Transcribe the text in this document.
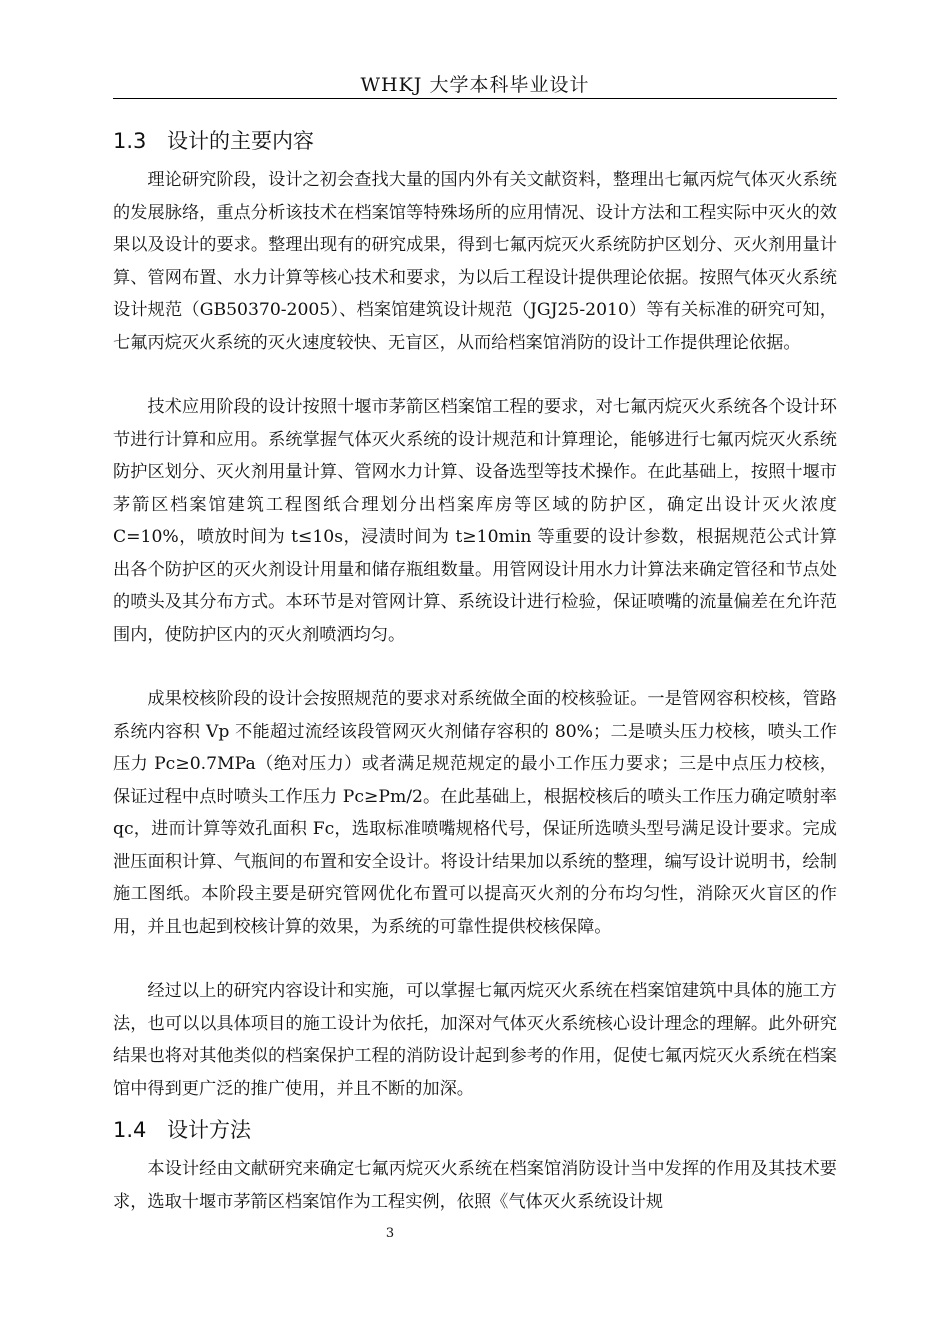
WHKJ 大学本科毕业设计
1.3 设计的主要内容

理论研究阶段，设计之初会查找大量的国内外有关文献资料，整理出七氟丙烷气体灭火系统的发展脉络，重点分析该技术在档案馆等特殊场所的应用情况、设计方法和工程实际中灭火的效果以及设计的要求。整理出现有的研究成果，得到七氟丙烷灭火系统防护区划分、灭火剂用量计算、管网布置、水力计算等核心技术和要求，为以后工程设计提供理论依据。按照气体灭火系统设计规范（GB50370-2005）、档案馆建筑设计规范（JGJ25-2010）等有关标准的研究可知，七氟丙烷灭火系统的灭火速度较快、无盲区，从而给档案馆消防的设计工作提供理论依据。

技术应用阶段的设计按照十堰市茅箭区档案馆工程的要求，对七氟丙烷灭火系统各个设计环节进行计算和应用。系统掌握气体灭火系统的设计规范和计算理论，能够进行七氟丙烷灭火系统防护区划分、灭火剂用量计算、管网水力计算、设备选型等技术操作。在此基础上，按照十堰市茅箭区档案馆建筑工程图纸合理划分出档案库房等区域的防护区，确定出设计灭火浓度 C=10%，喷放时间为 t≤10s，浸渍时间为 t≥10min 等重要的设计参数，根据规范公式计算出各个防护区的灭火剂设计用量和储存瓶组数量。用管网设计用水力计算法来确定管径和节点处的喷头及其分布方式。本环节是对管网计算、系统设计进行检验，保证喷嘴的流量偏差在允许范围内，使防护区内的灭火剂喷洒均匀。

成果校核阶段的设计会按照规范的要求对系统做全面的校核验证。一是管网容积校核，管路系统内容积 Vp 不能超过流经该段管网灭火剂储存容积的 80%；二是喷头压力校核，喷头工作压力 Pc≥0.7MPa（绝对压力）或者满足规范规定的最小工作压力要求；三是中点压力校核，保证过程中点时喷头工作压力 Pc≥Pm/2。在此基础上，根据校核后的喷头工作压力确定喷射率 qc，进而计算等效孔面积 Fc，选取标准喷嘴规格代号，保证所选喷头型号满足设计要求。完成泄压面积计算、气瓶间的布置和安全设计。将设计结果加以系统的整理，编写设计说明书，绘制施工图纸。本阶段主要是研究管网优化布置可以提高灭火剂的分布均匀性，消除灭火盲区的作用，并且也起到校核计算的效果，为系统的可靠性提供校核保障。

经过以上的研究内容设计和实施，可以掌握七氟丙烷灭火系统在档案馆建筑中具体的施工方法，也可以以具体项目的施工设计为依托，加深对气体灭火系统核心设计理念的理解。此外研究结果也将对其他类似的档案保护工程的消防设计起到参考的作用，促使七氟丙烷灭火系统在档案馆中得到更广泛的推广使用，并且不断的加深。

1.4 设计方法

本设计经由文献研究来确定七氟丙烷灭火系统在档案馆消防设计当中发挥的作用及其技术要求，选取十堰市茅箭区档案馆作为工程实例，依照《气体灭火系统设计规

3
